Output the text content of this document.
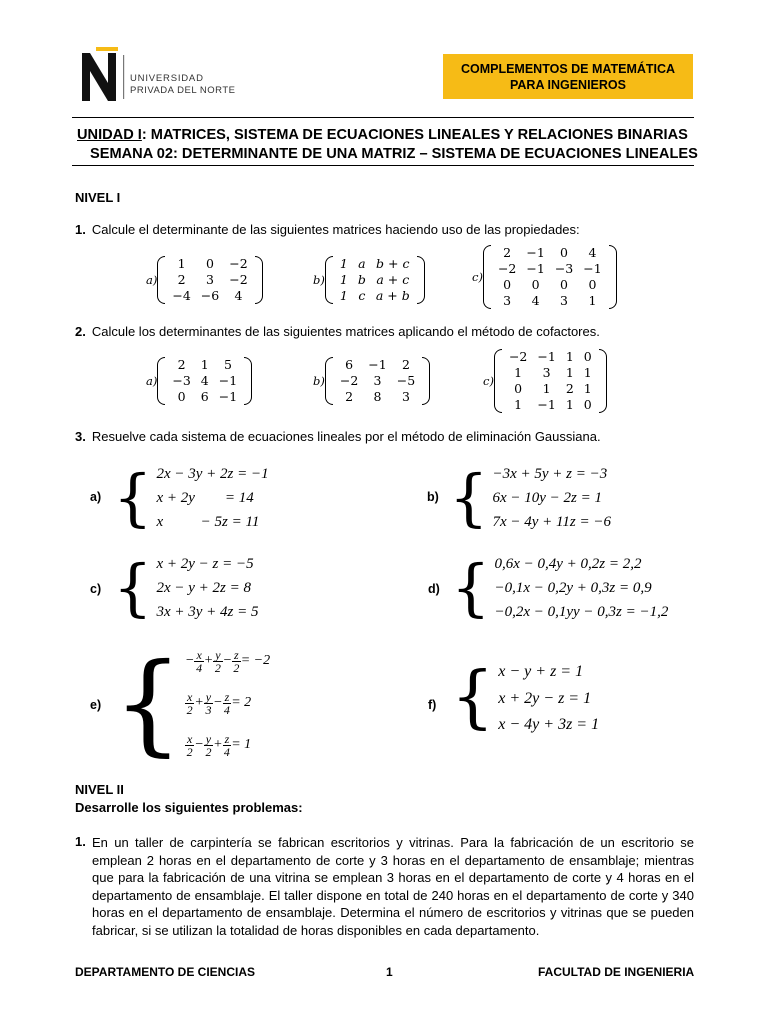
UNIVERSIDAD
PRIVADA DEL NORTE
COMPLEMENTOS DE MATEMÁTICA
PARA INGENIEROS
UNIDAD I: MATRICES, SISTEMA DE ECUACIONES LINEALES Y RELACIONES BINARIAS
SEMANA 02: DETERMINANTE DE UNA MATRIZ – SISTEMA DE ECUACIONES LINEALES
NIVEL I
1. Calcule el determinante de las siguientes matrices haciendo uso de las propiedades:
a)
1	0	−2
2	3	−2
−4	−6	4
b)
1	a	b + c
1	b	a + c
1	c	a + b
c)
2	−1	0	4
−2	−1	−3	−1
0	0	0	0
3	4	3	1
2. Calcule los determinantes de las siguientes matrices aplicando el método de cofactores.
a)
2	1	5
−3	4	−1
0	6	−1
b)
6	−1	2
−2	3	−5
2	8	3
c)
−2	−1	1	0
1	3	1	1
0	1	2	1
1	−1	1	0
3. Resuelve cada sistema de ecuaciones lineales por el método de eliminación Gaussiana.
a) { 2x − 3y + 2z = −1
x + 2y        = 14
x          − 5z = 11
b) { −3x + 5y + z = −3
6x − 10y − 2z = 1
7x − 4y + 11z = −6
c) { x + 2y − z = −5
2x − y + 2z = 8
3x + 3y + 4z = 5
d) { 0,6x − 0,4y + 0,2z = 2,2
−0,1x − 0,2y + 0,3z = 0,9
−0,2x − 0,1yy − 0,3z = −1,2
e) { − $\frac{x}{4} + \frac{y}{2} - \frac{z}{2} = -2$
$\frac{x}{2} + \frac{y}{3} - \frac{z}{4} = 2$
$\frac{x}{2} - \frac{y}{2} + \frac{z}{4} = 1$
f) { x − y + z = 1
x + 2y − z = 1
x − 4y + 3z = 1
NIVEL II
Desarrolle los siguientes problemas:
1. En un taller de carpintería se fabrican escritorios y vitrinas. Para la fabricación de un escritorio se emplean 2 horas en el departamento de corte y 3 horas en el departamento de ensamblaje; mientras que para la fabricación de una vitrina se emplean 3 horas en el departamento de corte y 4 horas en el departamento de ensamblaje. El taller dispone en total de 240 horas en el departamento de corte y 340 horas en el departamento de ensamblaje. Determina el número de escritorios y vitrinas que se pueden fabricar, si se utilizan la totalidad de horas disponibles en cada departamento.
DEPARTAMENTO DE CIENCIAS	1	FACULTAD DE INGENIERIA
